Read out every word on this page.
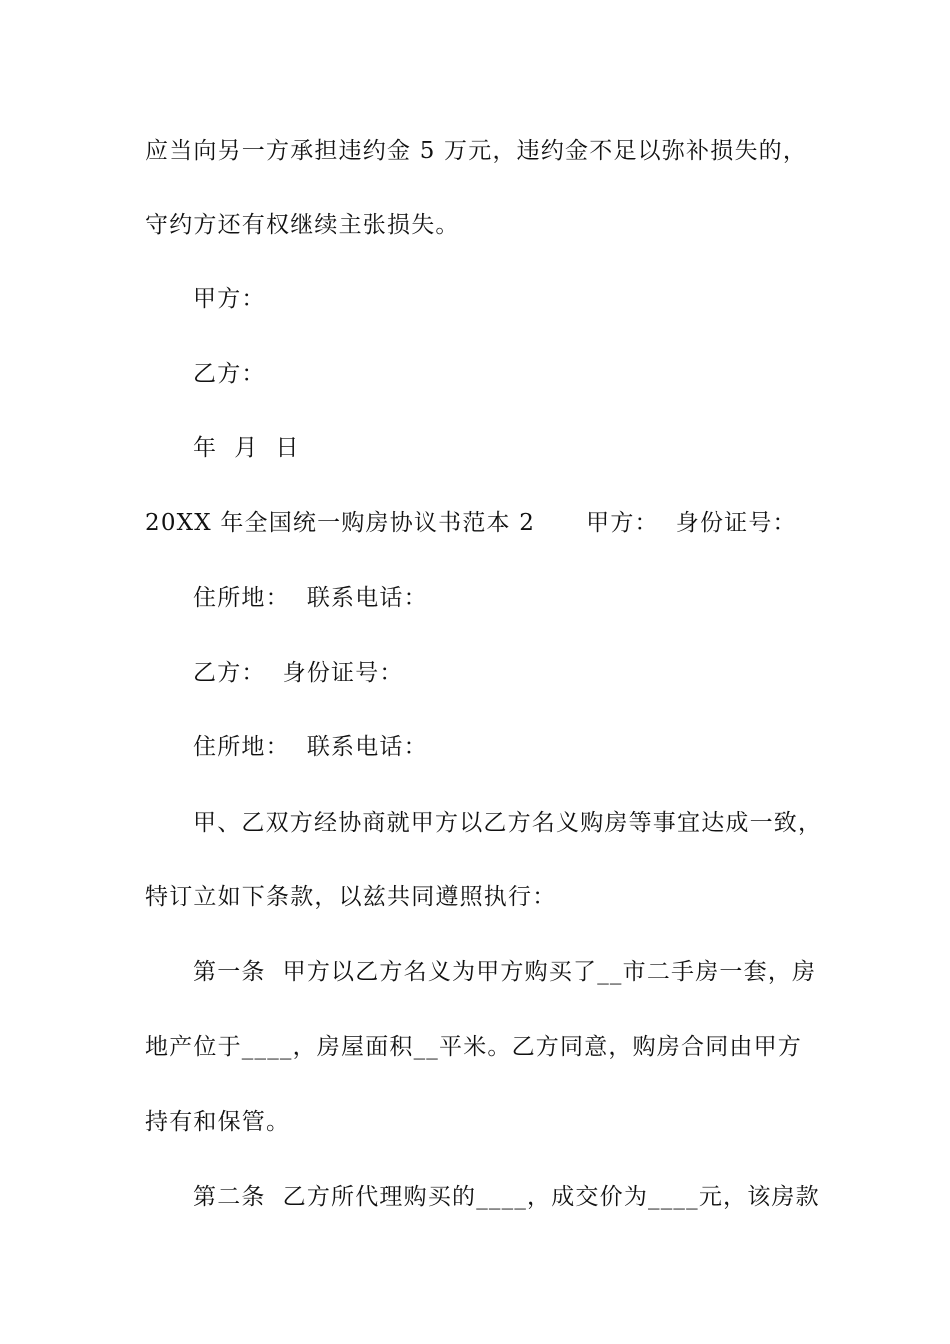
应当向另一方承担违约金 5 万元，违约金不足以弥补损失的，
守约方还有权继续主张损失。
甲方：
乙方：
年  月  日
20XX 年全国统一购房协议书范本 2      甲方：  身份证号：
住所地：  联系电话：
乙方：  身份证号：
住所地：  联系电话：
甲、乙双方经协商就甲方以乙方名义购房等事宜达成一致，
特订立如下条款，以兹共同遵照执行：
第一条  甲方以乙方名义为甲方购买了__市二手房一套，房
地产位于____，房屋面积__平米。乙方同意，购房合同由甲方
持有和保管。
第二条  乙方所代理购买的____，成交价为____元，该房款
